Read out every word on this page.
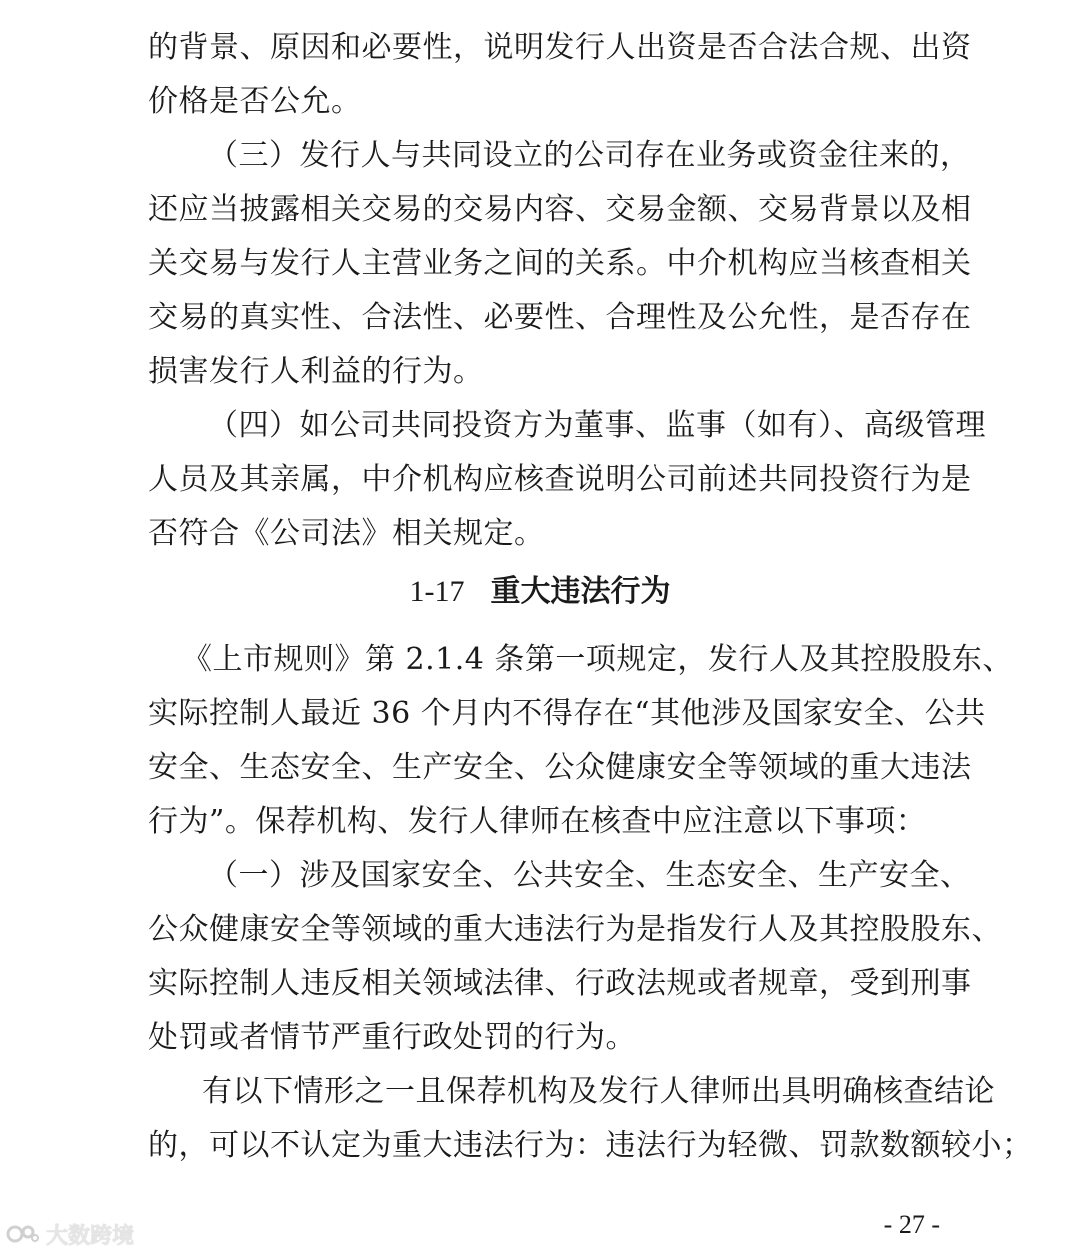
的背景、原因和必要性，说明发行人出资是否合法合规、出资
价格是否公允。
（三）发行人与共同设立的公司存在业务或资金往来的，
还应当披露相关交易的交易内容、交易金额、交易背景以及相
关交易与发行人主营业务之间的关系。中介机构应当核查相关
交易的真实性、合法性、必要性、合理性及公允性，是否存在
损害发行人利益的行为。
（四）如公司共同投资方为董事、监事（如有）、高级管理
人员及其亲属，中介机构应核查说明公司前述共同投资行为是
否符合《公司法》相关规定。
1-17 重大违法行为
《上市规则》第 2.1.4 条第一项规定，发行人及其控股股东、
实际控制人最近 36 个月内不得存在“其他涉及国家安全、公共
安全、生态安全、生产安全、公众健康安全等领域的重大违法
行为”。保荐机构、发行人律师在核查中应注意以下事项：
（一）涉及国家安全、公共安全、生态安全、生产安全、
公众健康安全等领域的重大违法行为是指发行人及其控股股东、
实际控制人违反相关领域法律、行政法规或者规章，受到刑事
处罚或者情节严重行政处罚的行为。
有以下情形之一且保荐机构及发行人律师出具明确核查结论
的，可以不认定为重大违法行为：违法行为轻微、罚款数额较小；
- 27 -
大数跨境
